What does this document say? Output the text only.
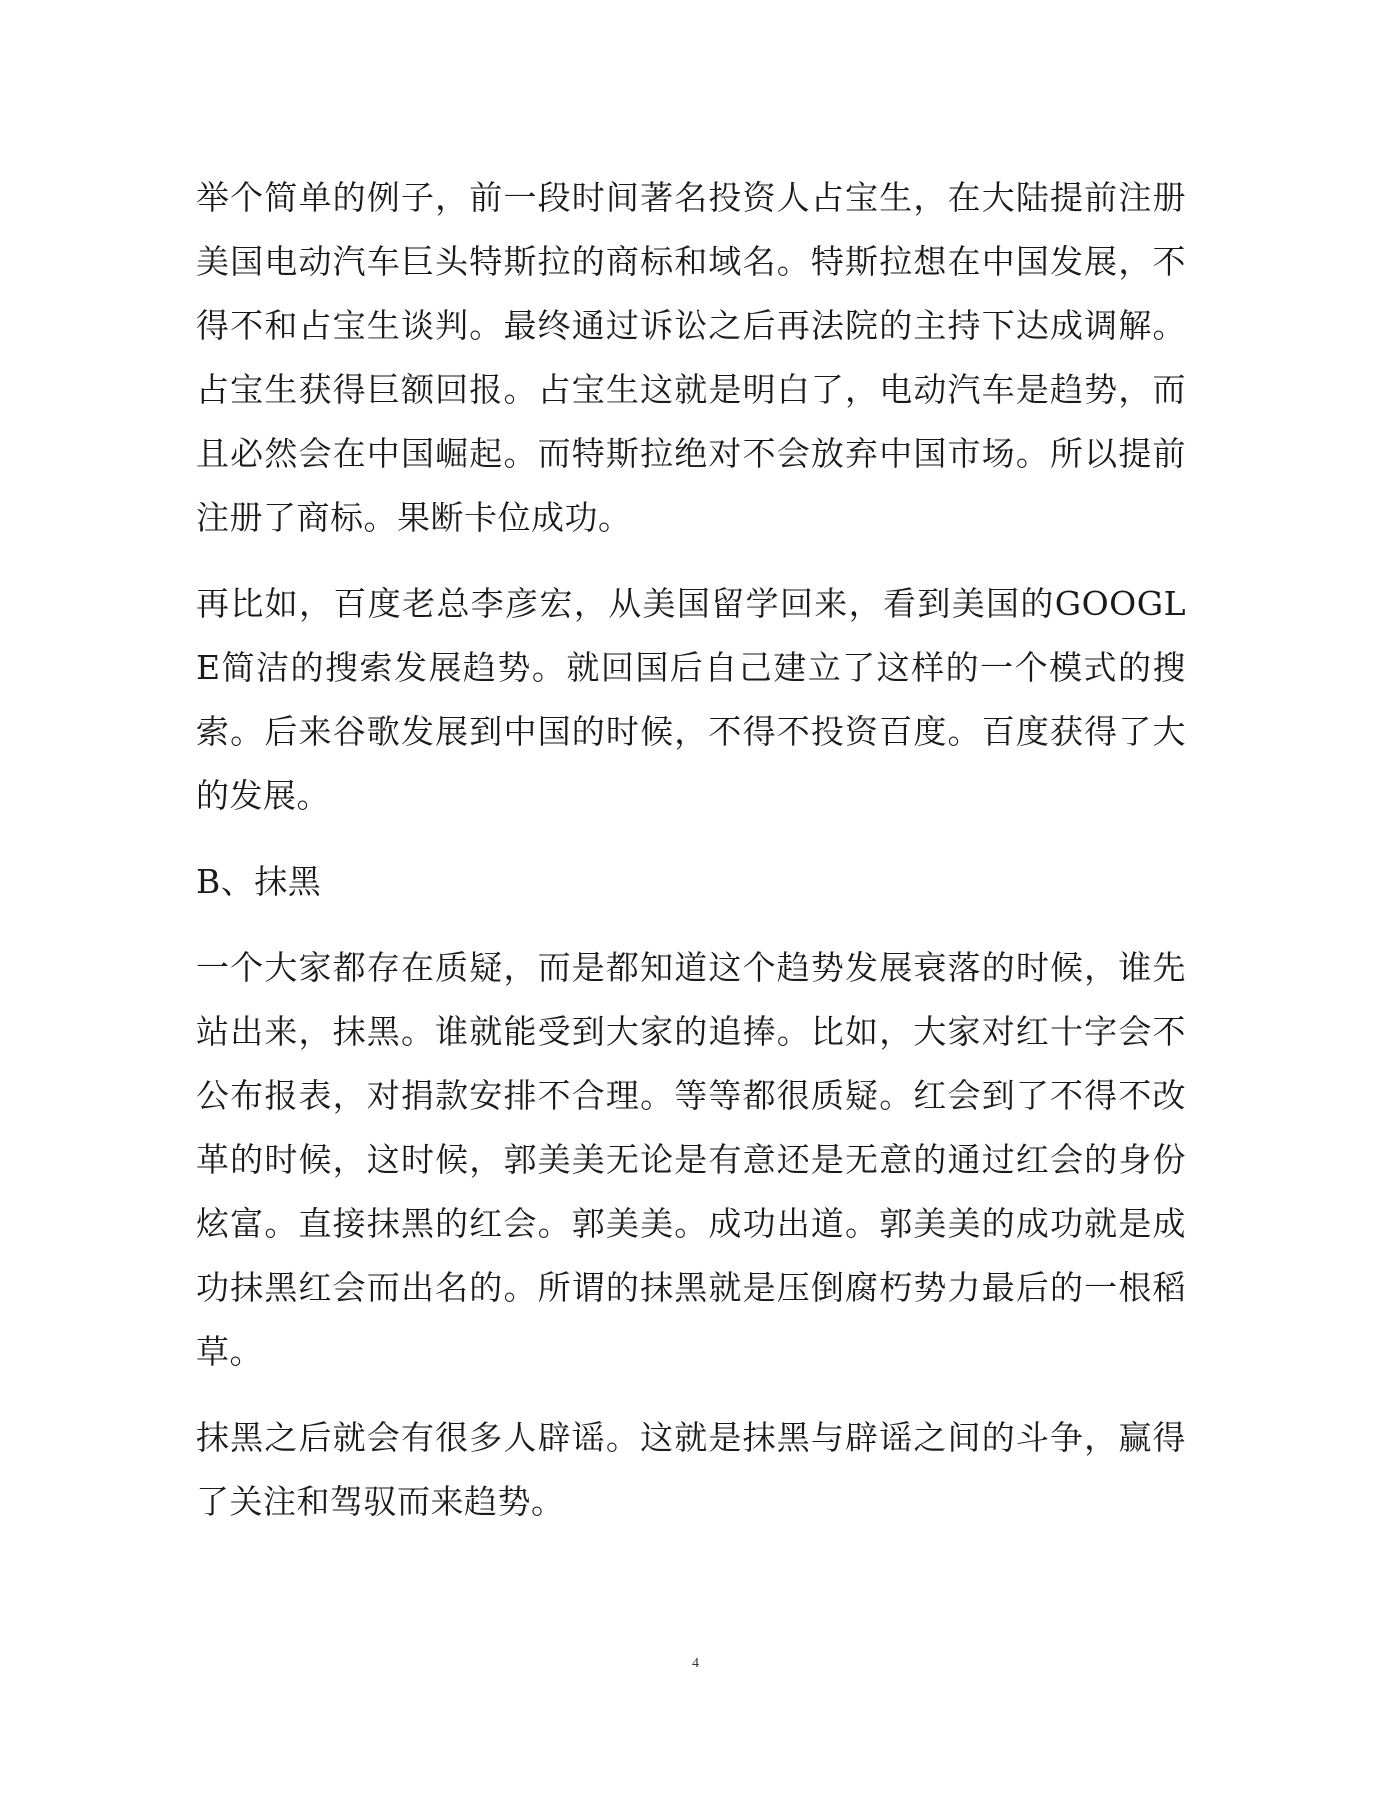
举个简单的例子，前一段时间著名投资人占宝生，在大陆提前注册美国电动汽车巨头特斯拉的商标和域名。特斯拉想在中国发展，不得不和占宝生谈判。最终通过诉讼之后再法院的主持下达成调解。占宝生获得巨额回报。占宝生这就是明白了，电动汽车是趋势，而且必然会在中国崛起。而特斯拉绝对不会放弃中国市场。所以提前注册了商标。果断卡位成功。

再比如，百度老总李彦宏，从美国留学回来，看到美国的GOOGLE简洁的搜索发展趋势。就回国后自己建立了这样的一个模式的搜索。后来谷歌发展到中国的时候，不得不投资百度。百度获得了大的发展。

B、抹黑

一个大家都存在质疑，而是都知道这个趋势发展衰落的时候，谁先站出来，抹黑。谁就能受到大家的追捧。比如，大家对红十字会不公布报表，对捐款安排不合理。等等都很质疑。红会到了不得不改革的时候，这时候，郭美美无论是有意还是无意的通过红会的身份炫富。直接抹黑的红会。郭美美。成功出道。郭美美的成功就是成功抹黑红会而出名的。所谓的抹黑就是压倒腐朽势力最后的一根稻草。

抹黑之后就会有很多人辟谣。这就是抹黑与辟谣之间的斗争，赢得了关注和驾驭而来趋势。

4
